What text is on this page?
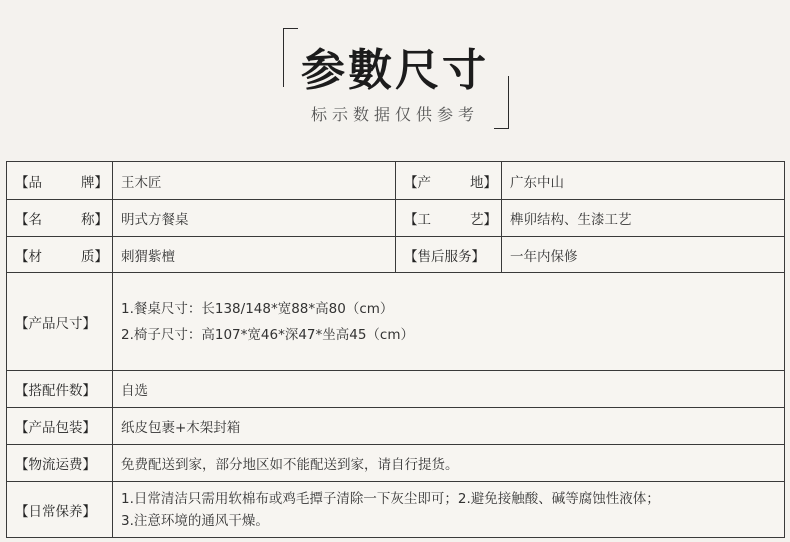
参數尺寸
标示数据仅供参考
【品 牌】	王木匠	【产 地】	广东中山

【名 称】	明式方餐桌	【工 艺】	榫卯结构、生漆工艺

【材 质】	刺猬紫檀	【售后服务】	一年内保修
【产品尺寸】	1.餐桌尺寸：长138/148*宽88*高80（cm）
2.椅子尺寸：高107*宽46*深47*坐高45（cm）		

【搭配件数】	自选		
【产品包装】	纸皮包裹+木架封箱		
【物流运费】	免费配送到家，部分地区如不能配送到家，请自行提货。		
【日常保养】	1.日常清洁只需用软棉布或鸡毛撢子清除一下灰尘即可；2.避免接触酸、碱等腐蚀性液体；
3.注意环境的通风干燥。		
